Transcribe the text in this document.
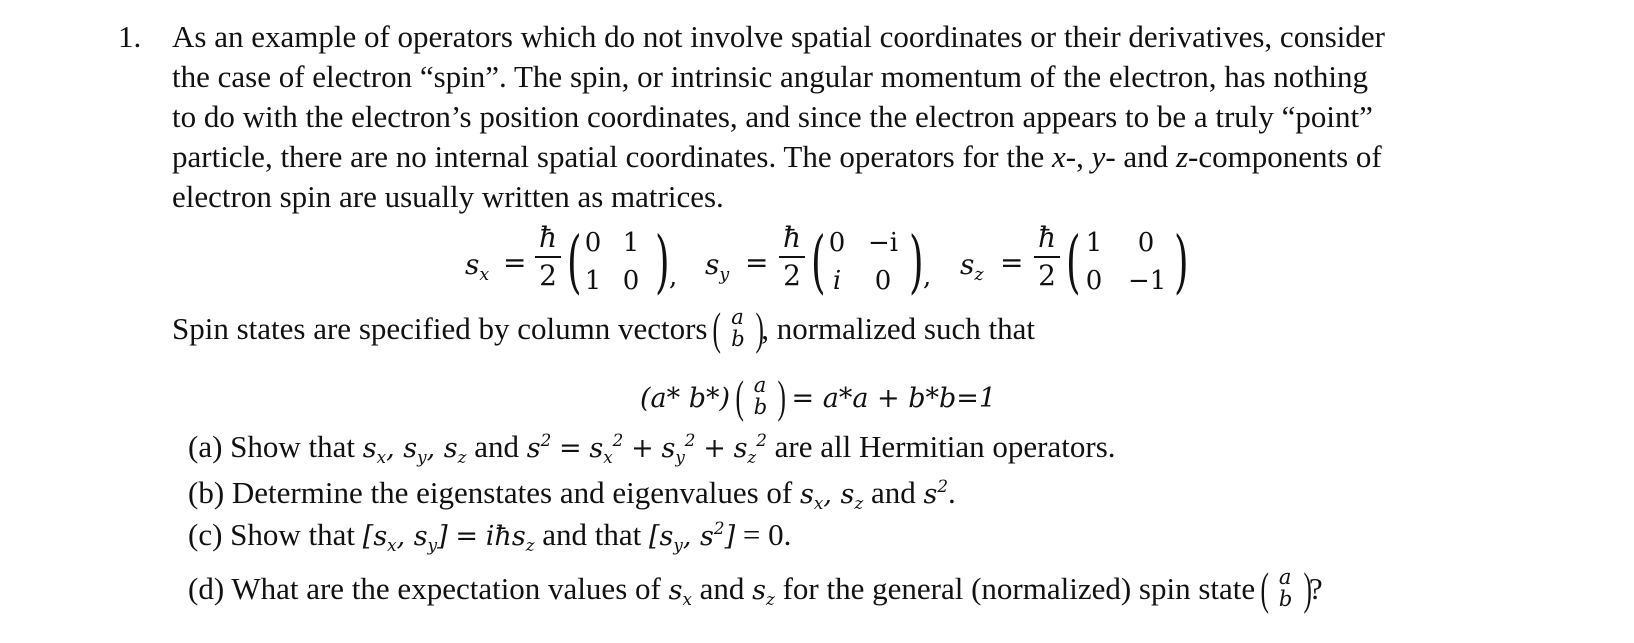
1. As an example of operators which do not involve spatial coordinates or their derivatives, consider
the case of electron “spin”. The spin, or intrinsic angular momentum of the electron, has nothing
to do with the electron’s position coordinates, and since the electron appears to be a truly “point”
particle, there are no internal spatial coordinates. The operators for the x-, y- and z-components of
electron spin are usually written as matrices.
$s_x$ =
ħ
2 ( 0 1
1 0 ) , $s_y$ =
ħ
2 ( 0 −i
i	0 ) , $s_z$ =
ħ
2 ( 1	0
0 −1 )
Spin states are specified by column vectors
( a
b )
, normalized such that
(a* b*) ( a
b ) = a*a + b*b=1
(a) Show that $s_x$, $s_y$, $s_z$ and $s^2 = s_x^2 + s_y^2 + s_z^2$ are all Hermitian operators.
(b) Determine the eigenstates and eigenvalues of $s_x$, $s_z$ and $s^2$.
(c) Show that [$s_x$, $s_y$] = iħs$_z$ and that [$s_y$, $s^2] = 0$.
(d) What are the expectation values of $s_x$ and $s_z$ for the general (normalized) spin state
( a
b )
?
